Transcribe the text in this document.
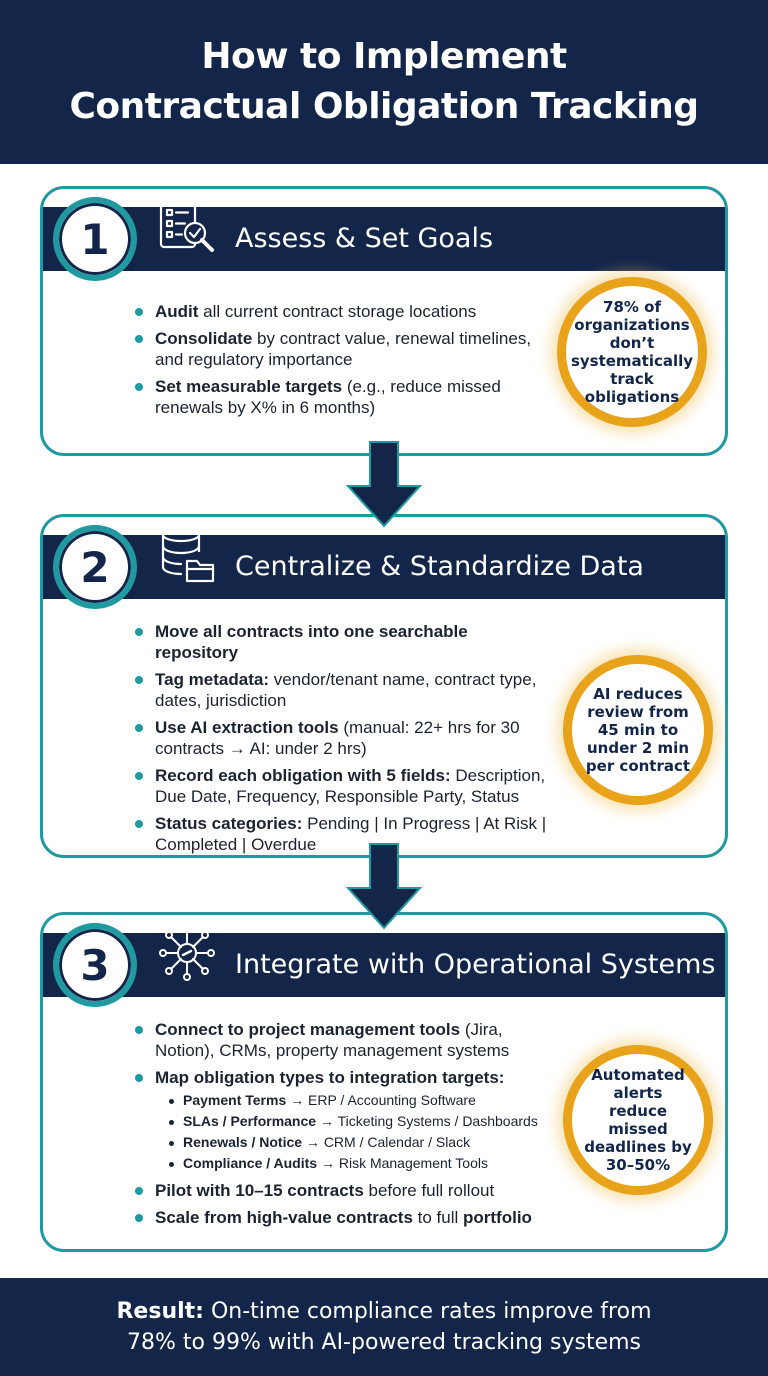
How to Implement
Contractual Obligation Tracking
Assess & Set Goals
1
Audit all current contract storage locations
Consolidate by contract value, renewal timelines, and regulatory importance
Set measurable targets (e.g., reduce missed renewals by X% in 6 months)
78% of organizations don’t systematically track obligations
Centralize & Standardize Data
2
Move all contracts into one searchable repository
Tag metadata: vendor/tenant name, contract type, dates, jurisdiction
Use AI extraction tools (manual: 22+ hrs for 30 contracts → AI: under 2 hrs)
Record each obligation with 5 fields: Description, Due Date, Frequency, Responsible Party, Status
Status categories: Pending | In Progress | At Risk | Completed | Overdue
AI reduces review from 45 min to under 2 min per contract
Integrate with Operational Systems
3
Connect to project management tools (Jira, Notion), CRMs, property management systems
Map obligation types to integration targets:
Payment Terms → ERP / Accounting Software
SLAs / Performance → Ticketing Systems / Dashboards
Renewals / Notice → CRM / Calendar / Slack
Compliance / Audits → Risk Management Tools
Pilot with 10–15 contracts before full rollout
Scale from high-value contracts to full portfolio
Automated alerts reduce missed deadlines by 30–50%

Result: On-time compliance rates improve from
78% to 99% with AI-powered tracking systems
